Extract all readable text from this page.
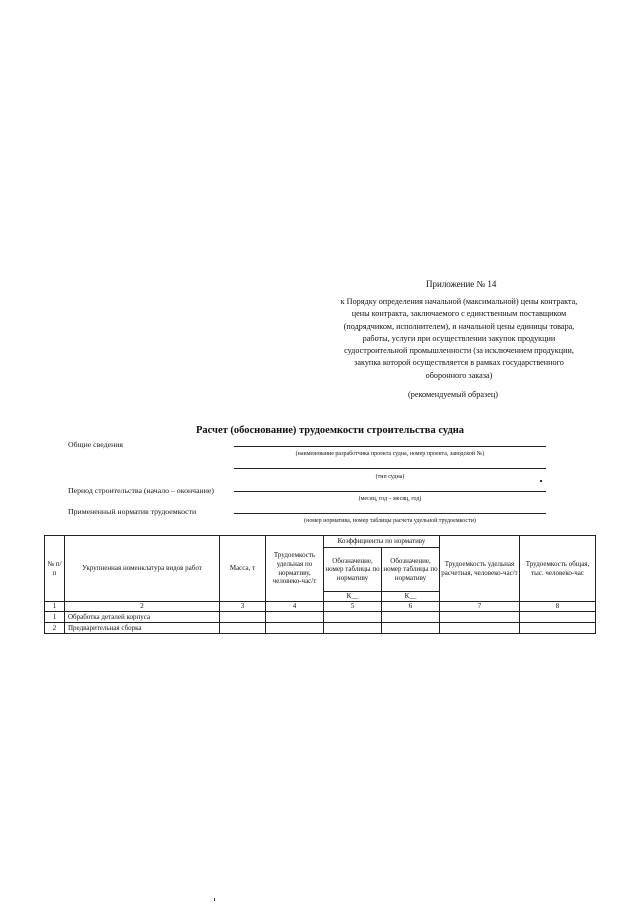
Приложение № 14
к Порядку определения начальной (максимальной) цены контракта,
цены контракта, заключаемого с единственным поставщиком
(подрядчиком, исполнителем), и начальной цены единицы товара,
работы, услуги при осуществлении закупок продукции
судостроительной промышленности (за исключением продукции,
закупка которой осуществляется в рамках государственного
оборонного заказа)
(рекомендуемый образец)
Расчет (обоснование) трудоемкости строительства судна
Общие сведения
(наименование разработчика проекта судна, номер проекта, заводской №)
(тип судна)
Период строительства (начало – окончание)
(месяц, год – месяц, год)
Примененный норматив трудоемкости
(номер норматива, номер таблицы расчета удельной трудоемкости)
№ п/п	Укрупненная номенклатура видов работ	Масса, т	Трудоемкость удельная по нормативу, человеко-час/т	Коэффициенты по нормативу		Трудоемкость удельная расчетная, человеко-час/т	Трудоемкость общая, тыс. человеко-час
				Обозначение, номер таблицы по нормативу	Обозначение, номер таблицы по нормативу		
				К__	К__		
1	2	3	4	5	6	7	8
1	Обработка деталей корпуса						
2	Предварительная сборка						
